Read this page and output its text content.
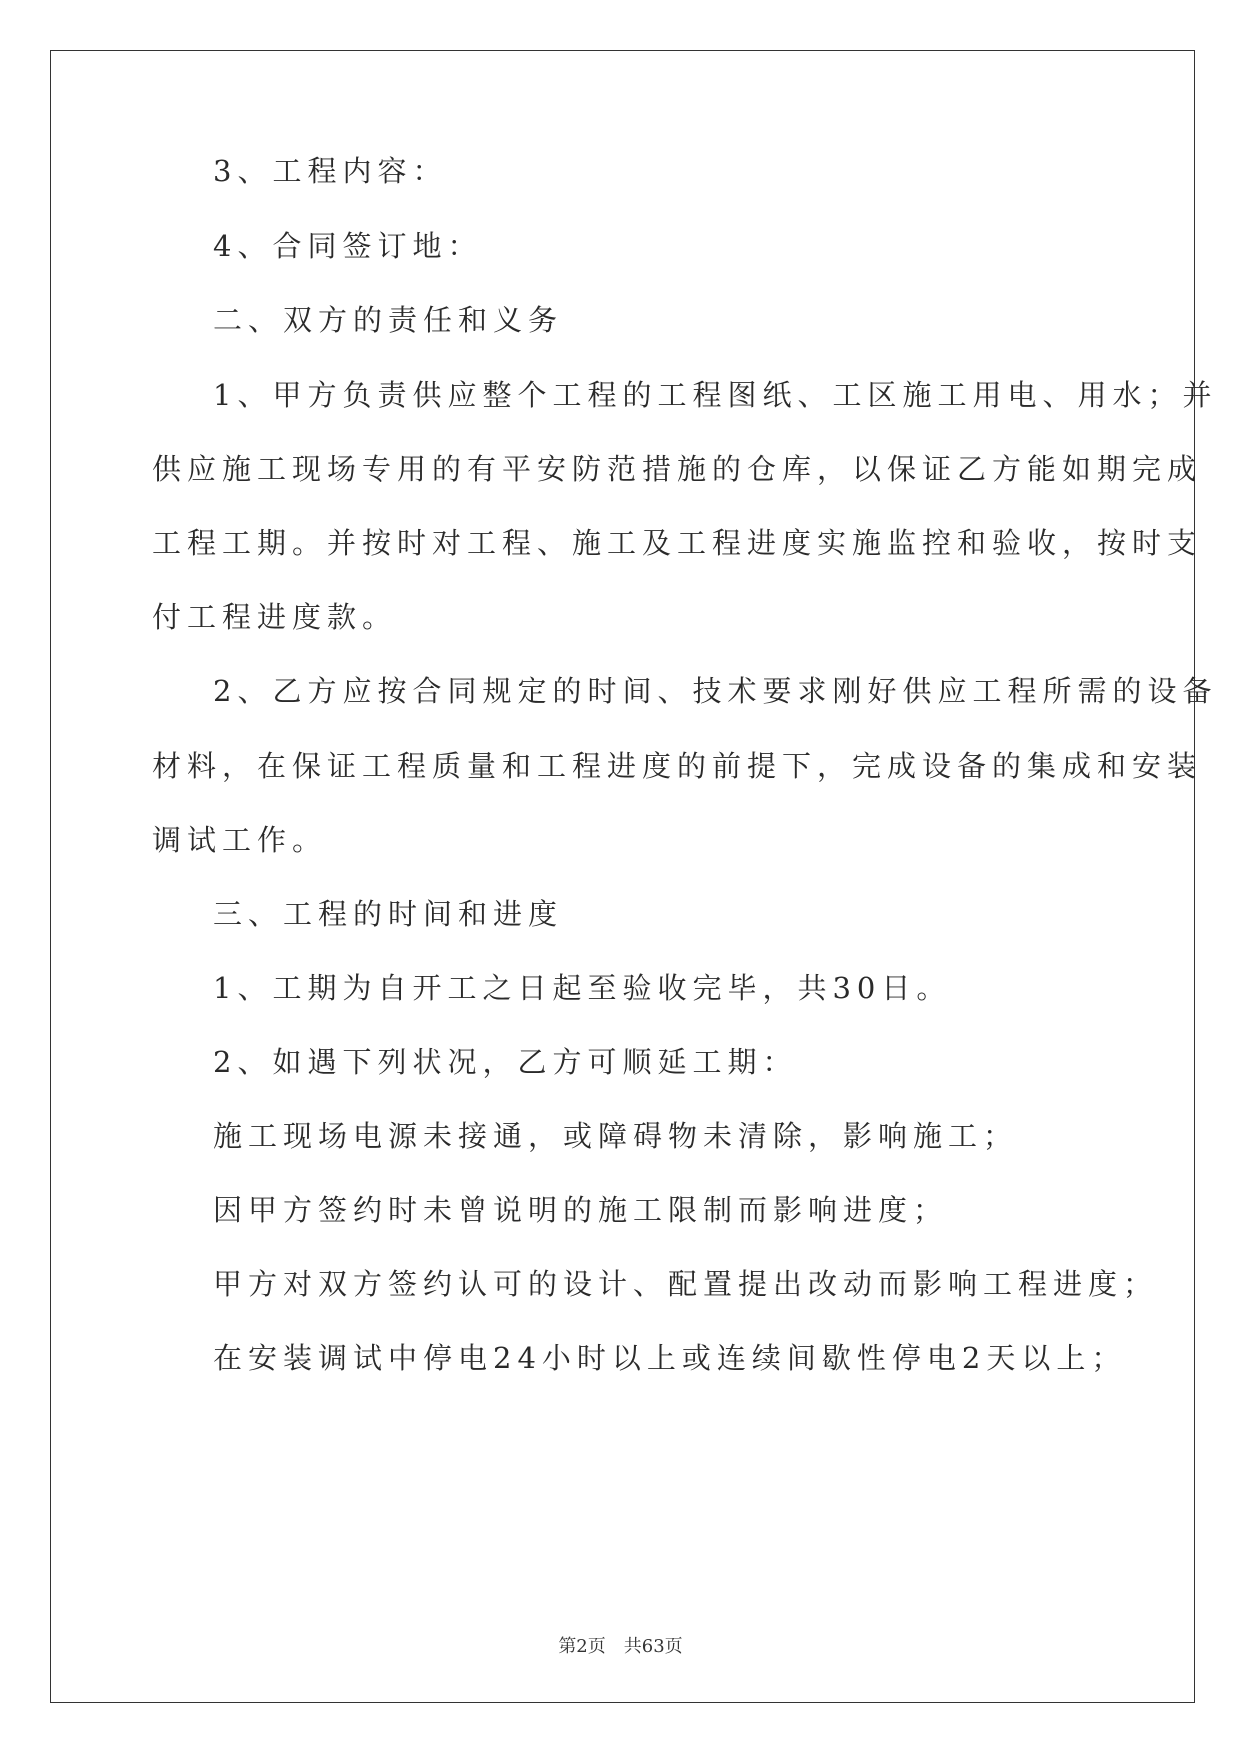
3、工程内容：
4、合同签订地：
二、双方的责任和义务
1、甲方负责供应整个工程的工程图纸、工区施工用电、用水；并
供应施工现场专用的有平安防范措施的仓库，以保证乙方能如期完成
工程工期。并按时对工程、施工及工程进度实施监控和验收，按时支
付工程进度款。
2、乙方应按合同规定的时间、技术要求刚好供应工程所需的设备
材料，在保证工程质量和工程进度的前提下，完成设备的集成和安装
调试工作。
三、工程的时间和进度
1、工期为自开工之日起至验收完毕，共30日。
2、如遇下列状况，乙方可顺延工期：
施工现场电源未接通，或障碍物未清除，影响施工；
因甲方签约时未曾说明的施工限制而影响进度；
甲方对双方签约认可的设计、配置提出改动而影响工程进度；
在安装调试中停电24小时以上或连续间歇性停电2天以上；
第2页　共63页
